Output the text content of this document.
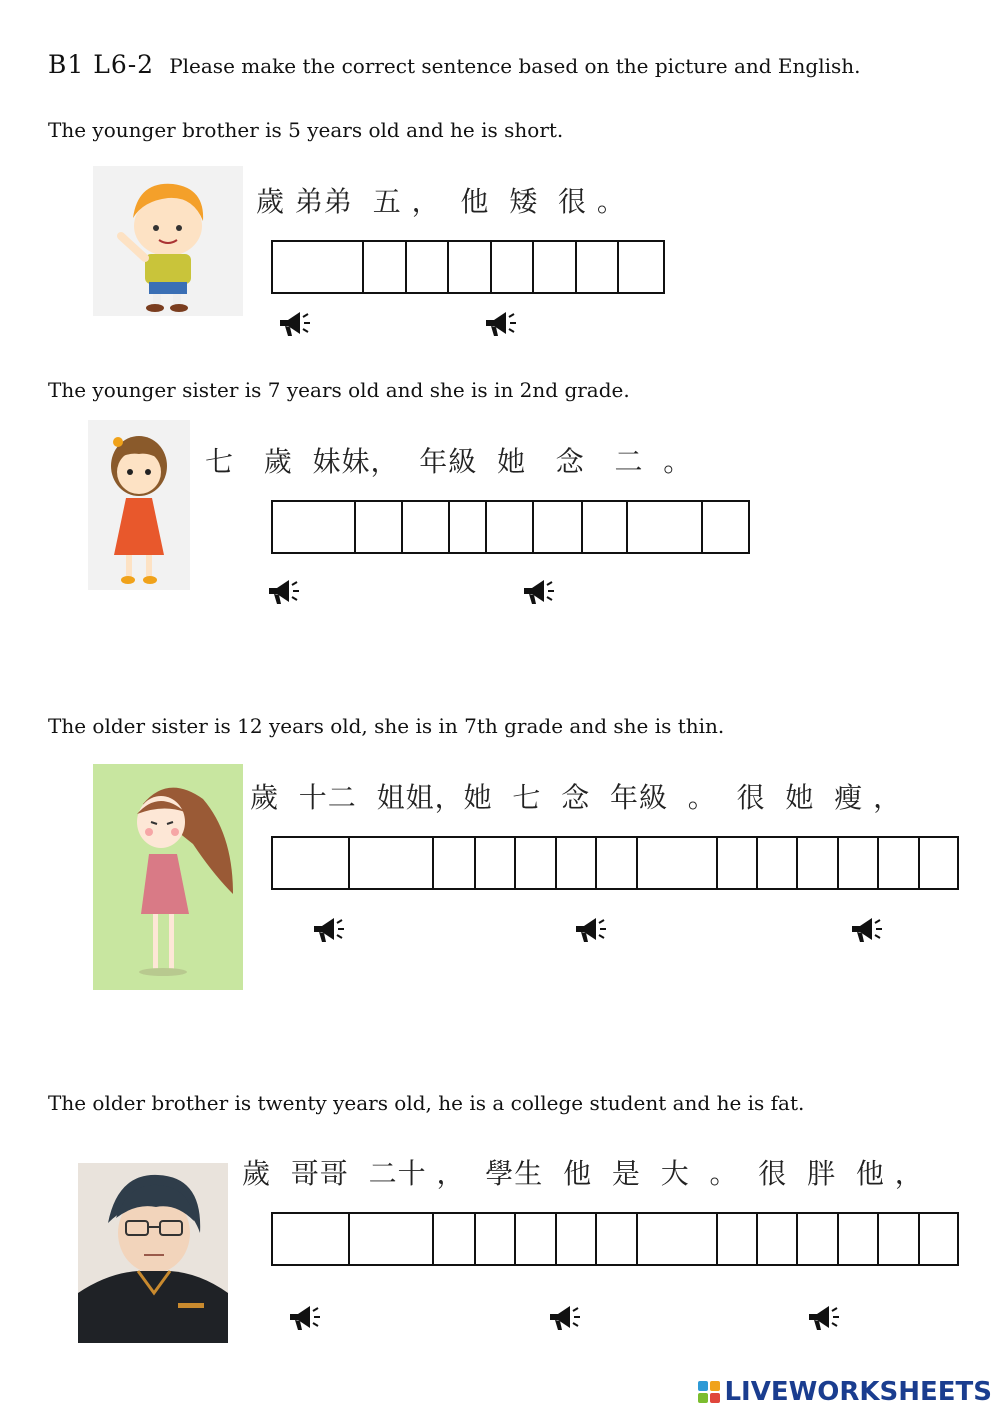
B1 L6-2 Please make the correct sentence based on the picture and English.
The younger brother is 5 years old and he is short.
歲 弟弟  五 ，  他  矮  很 。
The younger sister is 7 years old and she is in 2nd grade.
七   歲  妹妹，  年級  她   念   二  。
The older sister is 12 years old, she is in 7th grade and she is thin.
歲  十二  姐姐，她  七  念  年級  。  很  她  瘦 ，
The older brother is twenty years old, he is a college student and he is fat.
歲  哥哥  二十 ，  學生  他  是  大  。  很  胖  他 ，
LIVEWORKSHEETS
